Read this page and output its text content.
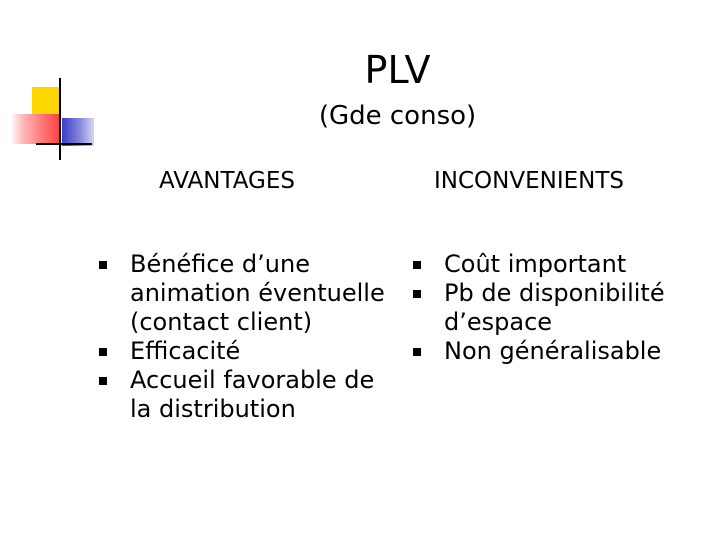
PLV
(Gde conso)
AVANTAGES	INCONVENIENTS
Bénéfice d’une animation éventuelle (contact client)
Efficacité
Accueil favorable de la distribution
Coût important
Pb de disponibilité d’espace
Non généralisable
